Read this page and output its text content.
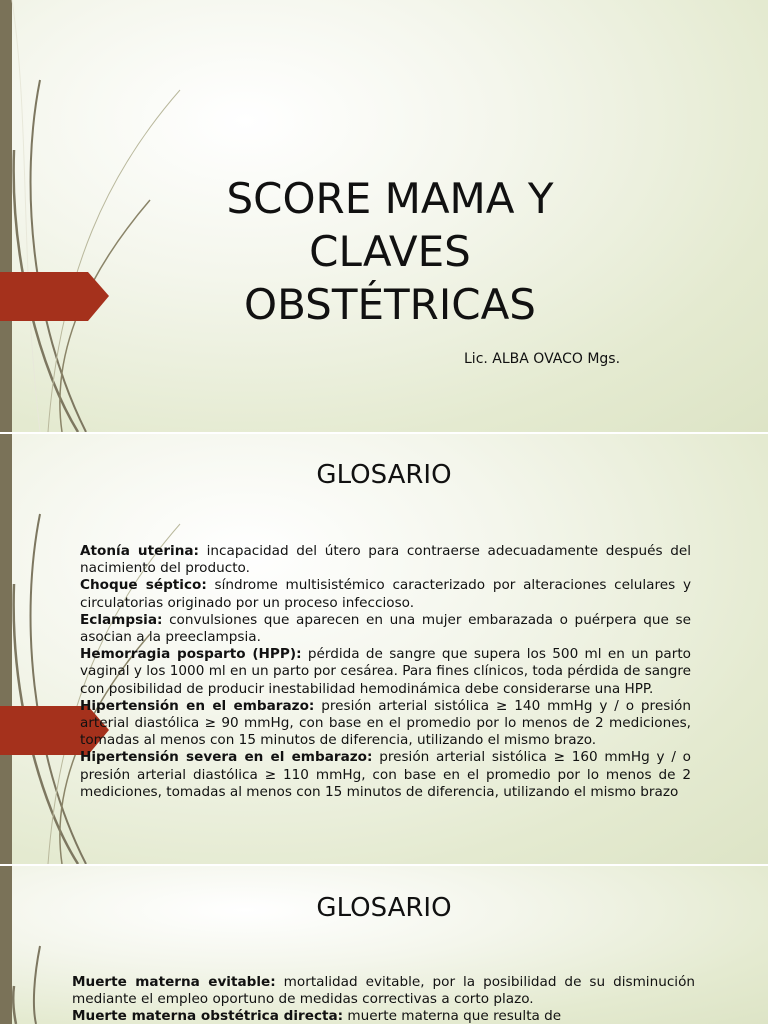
SCORE MAMA Y
CLAVES
OBSTÉTRICAS
Lic. ALBA OVACO Mgs.
GLOSARIO
Atonía uterina: incapacidad del útero para contraerse adecuadamente después del nacimiento del producto.
Choque séptico: síndrome multisistémico caracterizado por alteraciones celulares y circulatorias originado por un proceso infeccioso.
Eclampsia: convulsiones que aparecen en una mujer embarazada o puérpera que se asocian a la preeclampsia.
Hemorragia posparto (HPP): pérdida de sangre que supera los 500 ml en un parto vaginal y los 1000 ml en un parto por cesárea. Para fines clínicos, toda pérdida de sangre con posibilidad de producir inestabilidad hemodinámica debe considerarse una HPP.
Hipertensión en el embarazo: presión arterial sistólica ≥ 140 mmHg y / o presión arterial diastólica ≥ 90 mmHg, con base en el promedio por lo menos de 2 mediciones, tomadas al menos con 15 minutos de diferencia, utilizando el mismo brazo.
Hipertensión severa en el embarazo: presión arterial sistólica ≥ 160 mmHg y / o presión arterial diastólica ≥ 110 mmHg, con base en el promedio por lo menos de 2 mediciones, tomadas al menos con 15 minutos de diferencia, utilizando el mismo brazo
GLOSARIO
Muerte materna evitable: mortalidad evitable, por la posibilidad de su disminución mediante el empleo oportuno de medidas correctivas a corto plazo.
Muerte materna obstétrica directa: muerte materna que resulta de
